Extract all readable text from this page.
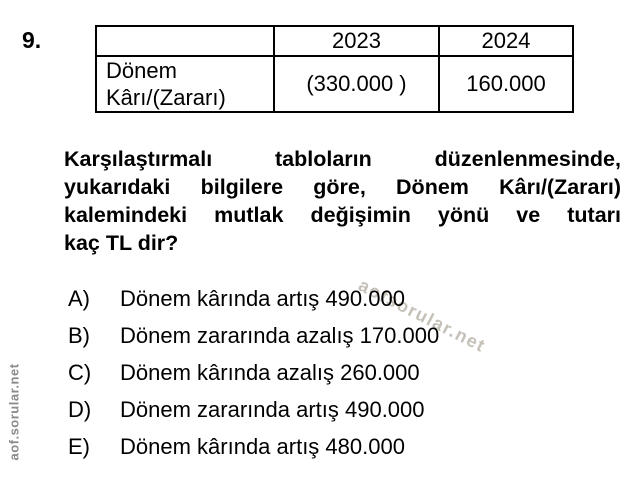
9.
		2023	2024
Dönem Kârı/(Zararı)	(330.000 )	160.000
Karşılaştırmalı tabloların düzenlenmesinde,
yukarıdaki bilgilere göre, Dönem Kârı/(Zararı)
kalemindeki mutlak değişimin yönü ve tutarı
kaç TL dir?
aofsorular.net
A)	Dönem kârında artış 490.000
B)	Dönem zararında azalış 170.000
C)	Dönem kârında azalış 260.000
D)	Dönem zararında artış 490.000
E)	Dönem kârında artış 480.000
aof.sorular.net
